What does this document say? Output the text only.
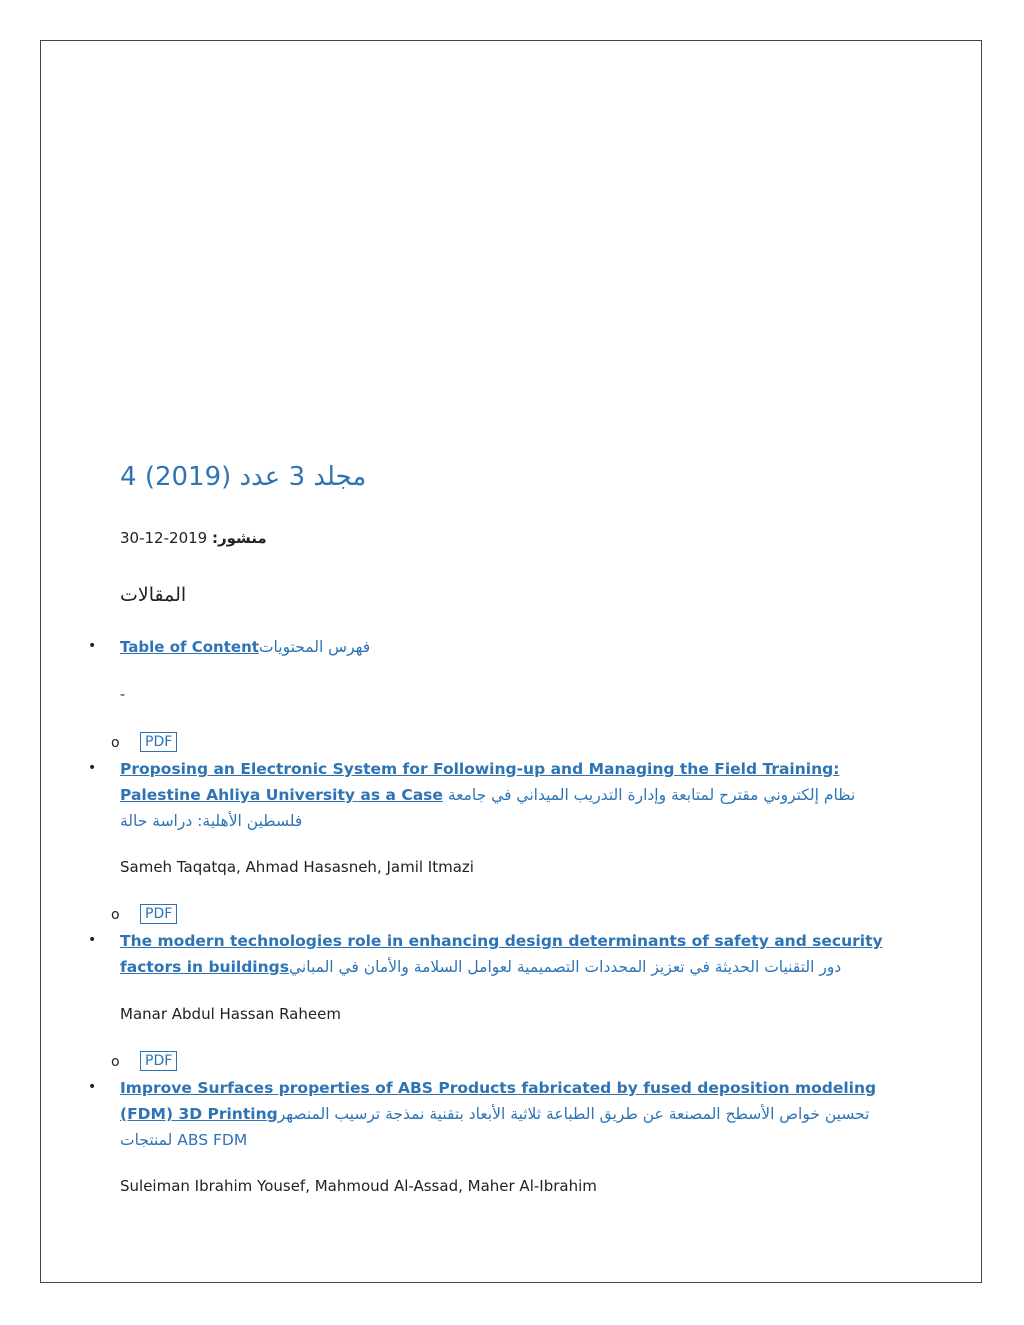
4 مجلد 3 عدد (2019)
منشور: 2019-12-30
المقالات
• Table of Contentفهرس المحتويات
-
o	PDF
• Proposing an Electronic System for Following-up and Managing the Field Training: Palestine Ahliya University as a Case نظام إلكتروني مقترح لمتابعة وإدارة التدريب الميداني في جامعة فلسطين الأهلية: دراسة حالة
Sameh Taqatqa, Ahmad Hasasneh, Jamil Itmazi
o	PDF
• The modern technologies role in enhancing design determinants of safety and security factors in buildingsدور التقنيات الحديثة في تعزيز المحددات التصميمية لعوامل السلامة والأمان في المباني
Manar Abdul Hassan Raheem
o	PDF
• Improve Surfaces properties of ABS Products fabricated by fused deposition modeling (FDM) 3D Printingتحسين خواص الأسطح المصنعة عن طريق الطباعة ثلاثية الأبعاد بتقنية نمذجة ترسيب المنصهر لمنتجات ABS FDM
Suleiman Ibrahim Yousef, Mahmoud Al-Assad, Maher Al-Ibrahim
